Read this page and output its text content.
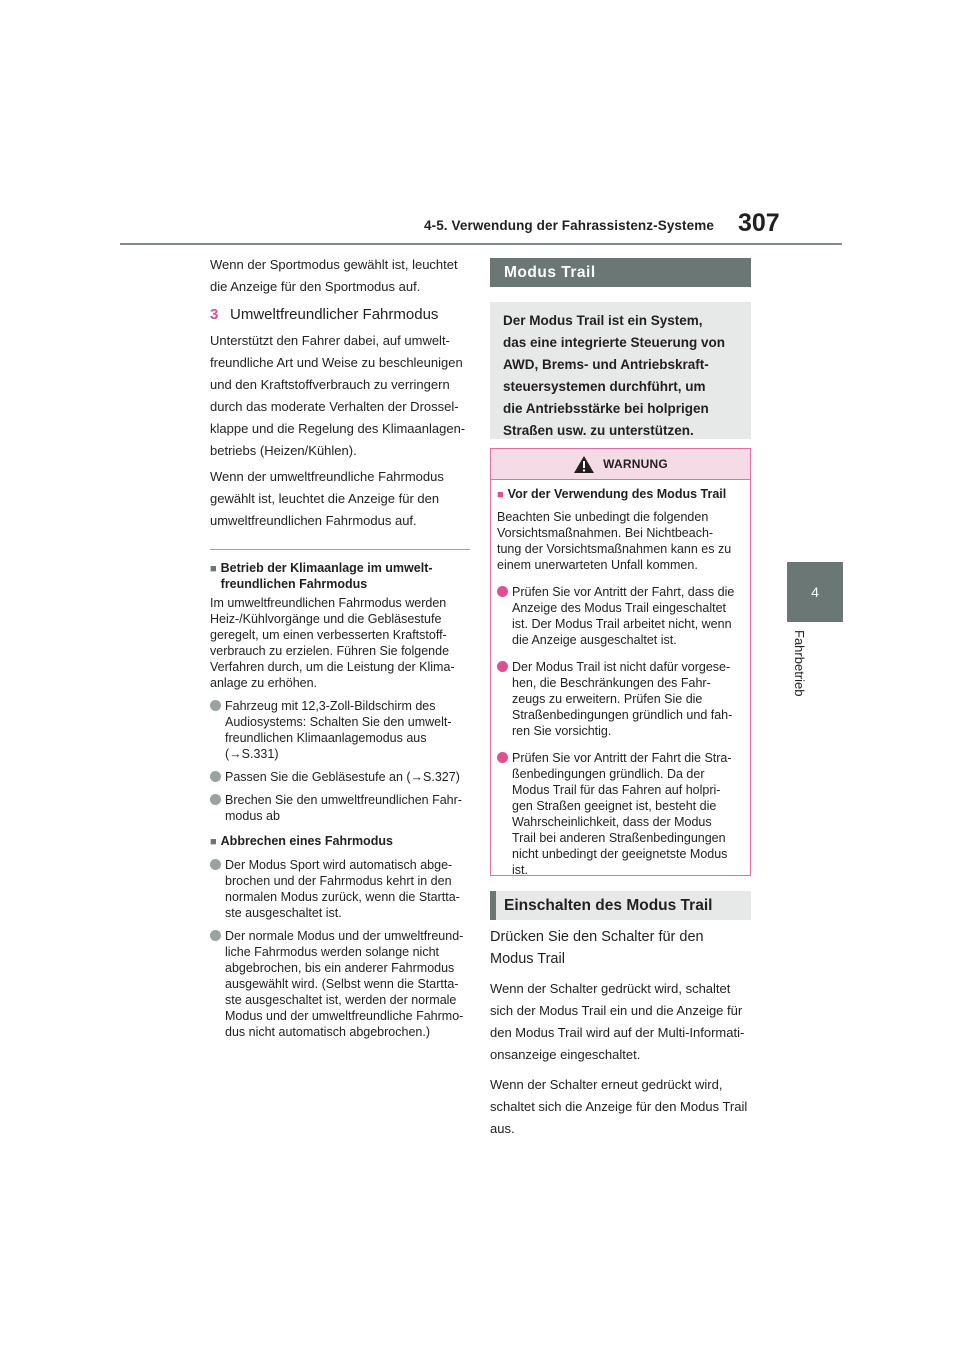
4-5. Verwendung der Fahrassistenz-Systeme 307
4
Fahrbetrieb
Wenn der Sportmodus gewählt ist, leuchtet
die Anzeige für den Sportmodus auf.
3 Umweltfreundlicher Fahrmodus
Unterstützt den Fahrer dabei, auf umwelt-
freundliche Art und Weise zu beschleunigen
und den Kraftstoffverbrauch zu verringern
durch das moderate Verhalten der Drossel-
klappe und die Regelung des Klimaanlagen-
betriebs (Heizen/Kühlen).
Wenn der umweltfreundliche Fahrmodus
gewählt ist, leuchtet die Anzeige für den
umweltfreundlichen Fahrmodus auf.
■ Betrieb der Klimaanlage im umwelt-
freundlichen Fahrmodus
Im umweltfreundlichen Fahrmodus werden
Heiz-/Kühlvorgänge und die Gebläsestufe
geregelt, um einen verbesserten Kraftstoff-
verbrauch zu erzielen. Führen Sie folgende
Verfahren durch, um die Leistung der Klima-
anlage zu erhöhen.
Fahrzeug mit 12,3-Zoll-Bildschirm des
Audiosystems: Schalten Sie den umwelt-
freundlichen Klimaanlagemodus aus
(→S.331)
Passen Sie die Gebläsestufe an (→S.327)
Brechen Sie den umweltfreundlichen Fahr-
modus ab
■ Abbrechen eines Fahrmodus
Der Modus Sport wird automatisch abge-
brochen und der Fahrmodus kehrt in den
normalen Modus zurück, wenn die Startta-
ste ausgeschaltet ist.
Der normale Modus und der umweltfreund-
liche Fahrmodus werden solange nicht
abgebrochen, bis ein anderer Fahrmodus
ausgewählt wird. (Selbst wenn die Startta-
ste ausgeschaltet ist, werden der normale
Modus und der umweltfreundliche Fahrmo-
dus nicht automatisch abgebrochen.)
Modus Trail
Der Modus Trail ist ein System,
das eine integrierte Steuerung von
AWD, Brems- und Antriebskraft-
steuersystemen durchführt, um
die Antriebsstärke bei holprigen
Straßen usw. zu unterstützen.
WARNUNG
■ Vor der Verwendung des Modus Trail
Beachten Sie unbedingt die folgenden
Vorsichtsmaßnahmen. Bei Nichtbeach-
tung der Vorsichtsmaßnahmen kann es zu
einem unerwarteten Unfall kommen.
Prüfen Sie vor Antritt der Fahrt, dass die
Anzeige des Modus Trail eingeschaltet
ist. Der Modus Trail arbeitet nicht, wenn
die Anzeige ausgeschaltet ist.
Der Modus Trail ist nicht dafür vorgese-
hen, die Beschränkungen des Fahr-
zeugs zu erweitern. Prüfen Sie die
Straßenbedingungen gründlich und fah-
ren Sie vorsichtig.
Prüfen Sie vor Antritt der Fahrt die Stra-
ßenbedingungen gründlich. Da der
Modus Trail für das Fahren auf holpri-
gen Straßen geeignet ist, besteht die
Wahrscheinlichkeit, dass der Modus
Trail bei anderen Straßenbedingungen
nicht unbedingt der geeignetste Modus
ist.
Einschalten des Modus Trail
Drücken Sie den Schalter für den
Modus Trail
Wenn der Schalter gedrückt wird, schaltet
sich der Modus Trail ein und die Anzeige für
den Modus Trail wird auf der Multi-Informati-
onsanzeige eingeschaltet.
Wenn der Schalter erneut gedrückt wird,
schaltet sich die Anzeige für den Modus Trail
aus.
